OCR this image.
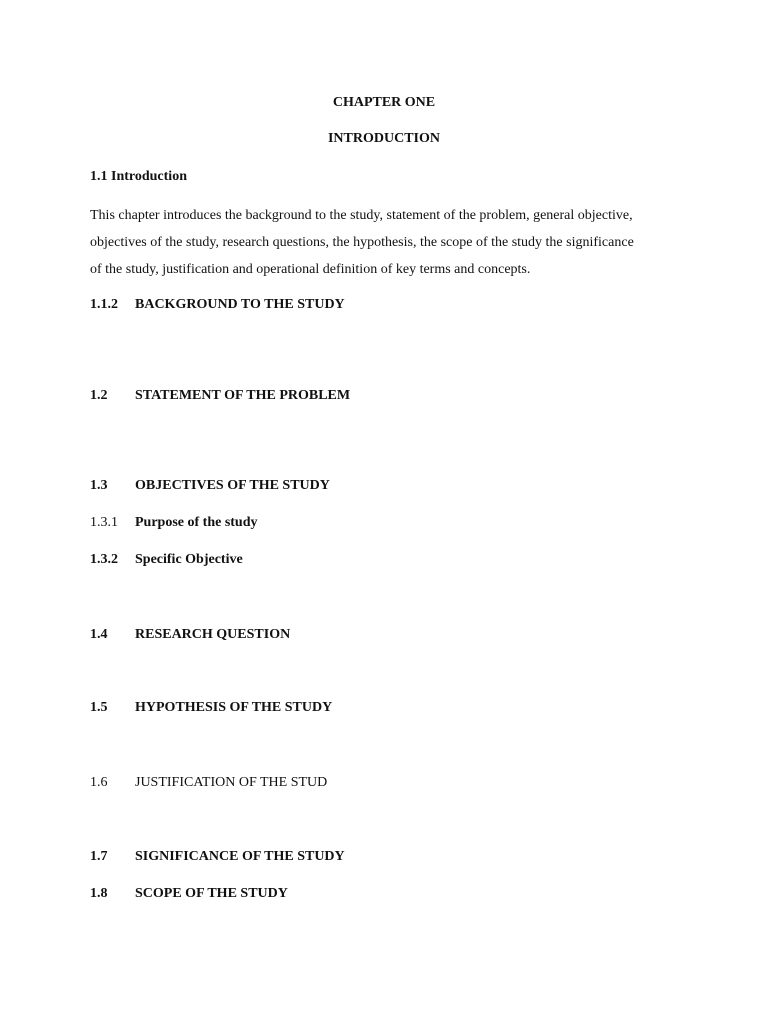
CHAPTER ONE
INTRODUCTION
1.1 Introduction
This chapter introduces the background to the study, statement of the problem, general objective,
objectives of the study, research questions, the hypothesis, the scope of the study the significance
of the study, justification and operational definition of key terms and concepts.
1.1.2 BACKGROUND TO THE STUDY
1.2 STATEMENT OF THE PROBLEM
1.3 OBJECTIVES OF THE STUDY
1.3.1 Purpose of the study
1.3.2 Specific Objective
1.4 RESEARCH QUESTION
1.5 HYPOTHESIS OF THE STUDY
1.6 JUSTIFICATION OF THE STUD
1.7 SIGNIFICANCE OF THE STUDY
1.8 SCOPE OF THE STUDY
